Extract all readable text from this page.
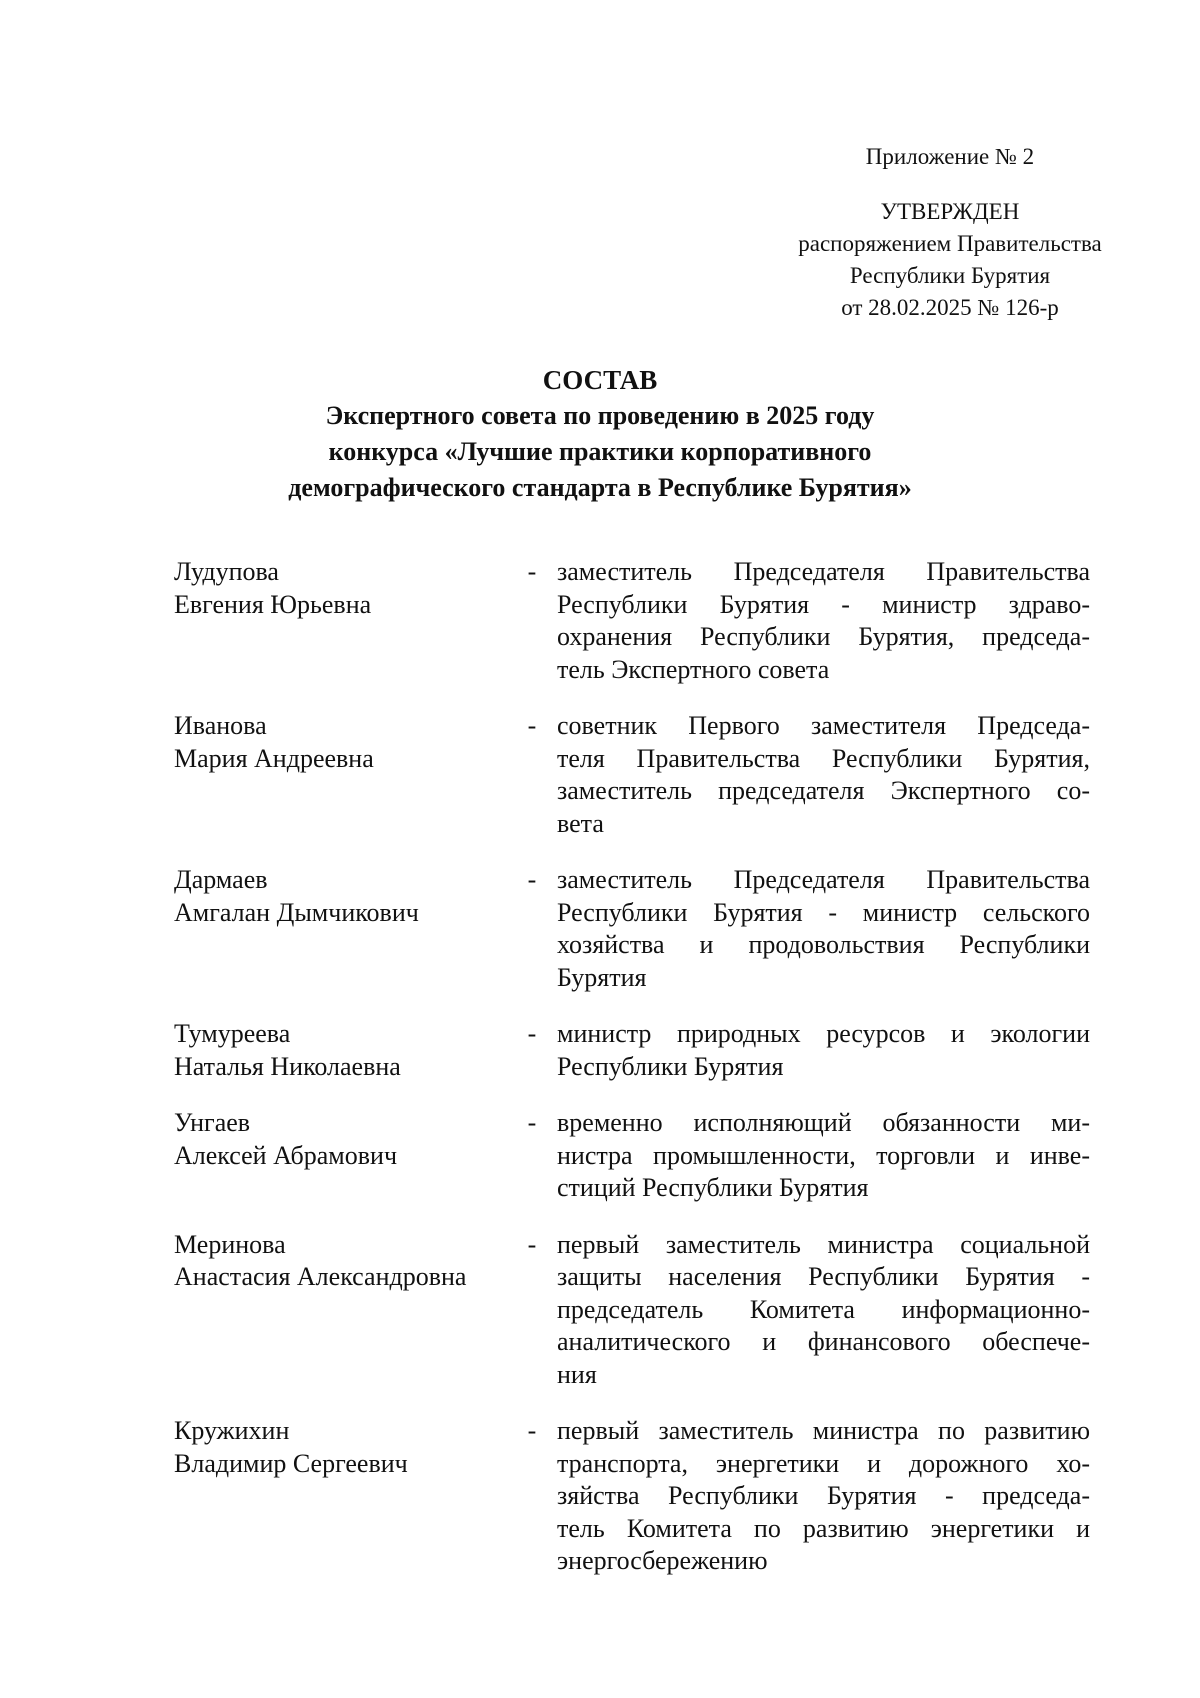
Приложение № 2
УТВЕРЖДЕН
распоряжением Правительства
Республики Бурятия
от 28.02.2025 № 126-р
СОСТАВ
Экспертного совета по проведению в 2025 году
конкурса «Лучшие практики корпоративного
демографического стандарта в Республике Бурятия»
Лудупова
Евгения Юрьевна
- заместитель Председателя Правительства
Республики Бурятия - министр здраво-
охранения Республики Бурятия, председа-
тель Экспертного совета
Иванова
Мария Андреевна
- советник Первого заместителя Председа-
теля Правительства Республики Бурятия,
заместитель председателя Экспертного со-
вета
Дармаев
Амгалан Дымчикович
- заместитель Председателя Правительства
Республики Бурятия - министр сельского
хозяйства и продовольствия Республики
Бурятия
Тумуреева
Наталья Николаевна
- министр природных ресурсов и экологии
Республики Бурятия
Унгаев
Алексей Абрамович
- временно исполняющий обязанности ми-
нистра промышленности, торговли и инве-
стиций Республики Бурятия
Меринова
Анастасия Александровна
- первый заместитель министра социальной
защиты населения Республики Бурятия -
председатель Комитета информационно-
аналитического и финансового обеспече-
ния
Кружихин
Владимир Сергеевич
- первый заместитель министра по развитию
транспорта, энергетики и дорожного хо-
зяйства Республики Бурятия - председа-
тель Комитета по развитию энергетики и
энергосбережению
